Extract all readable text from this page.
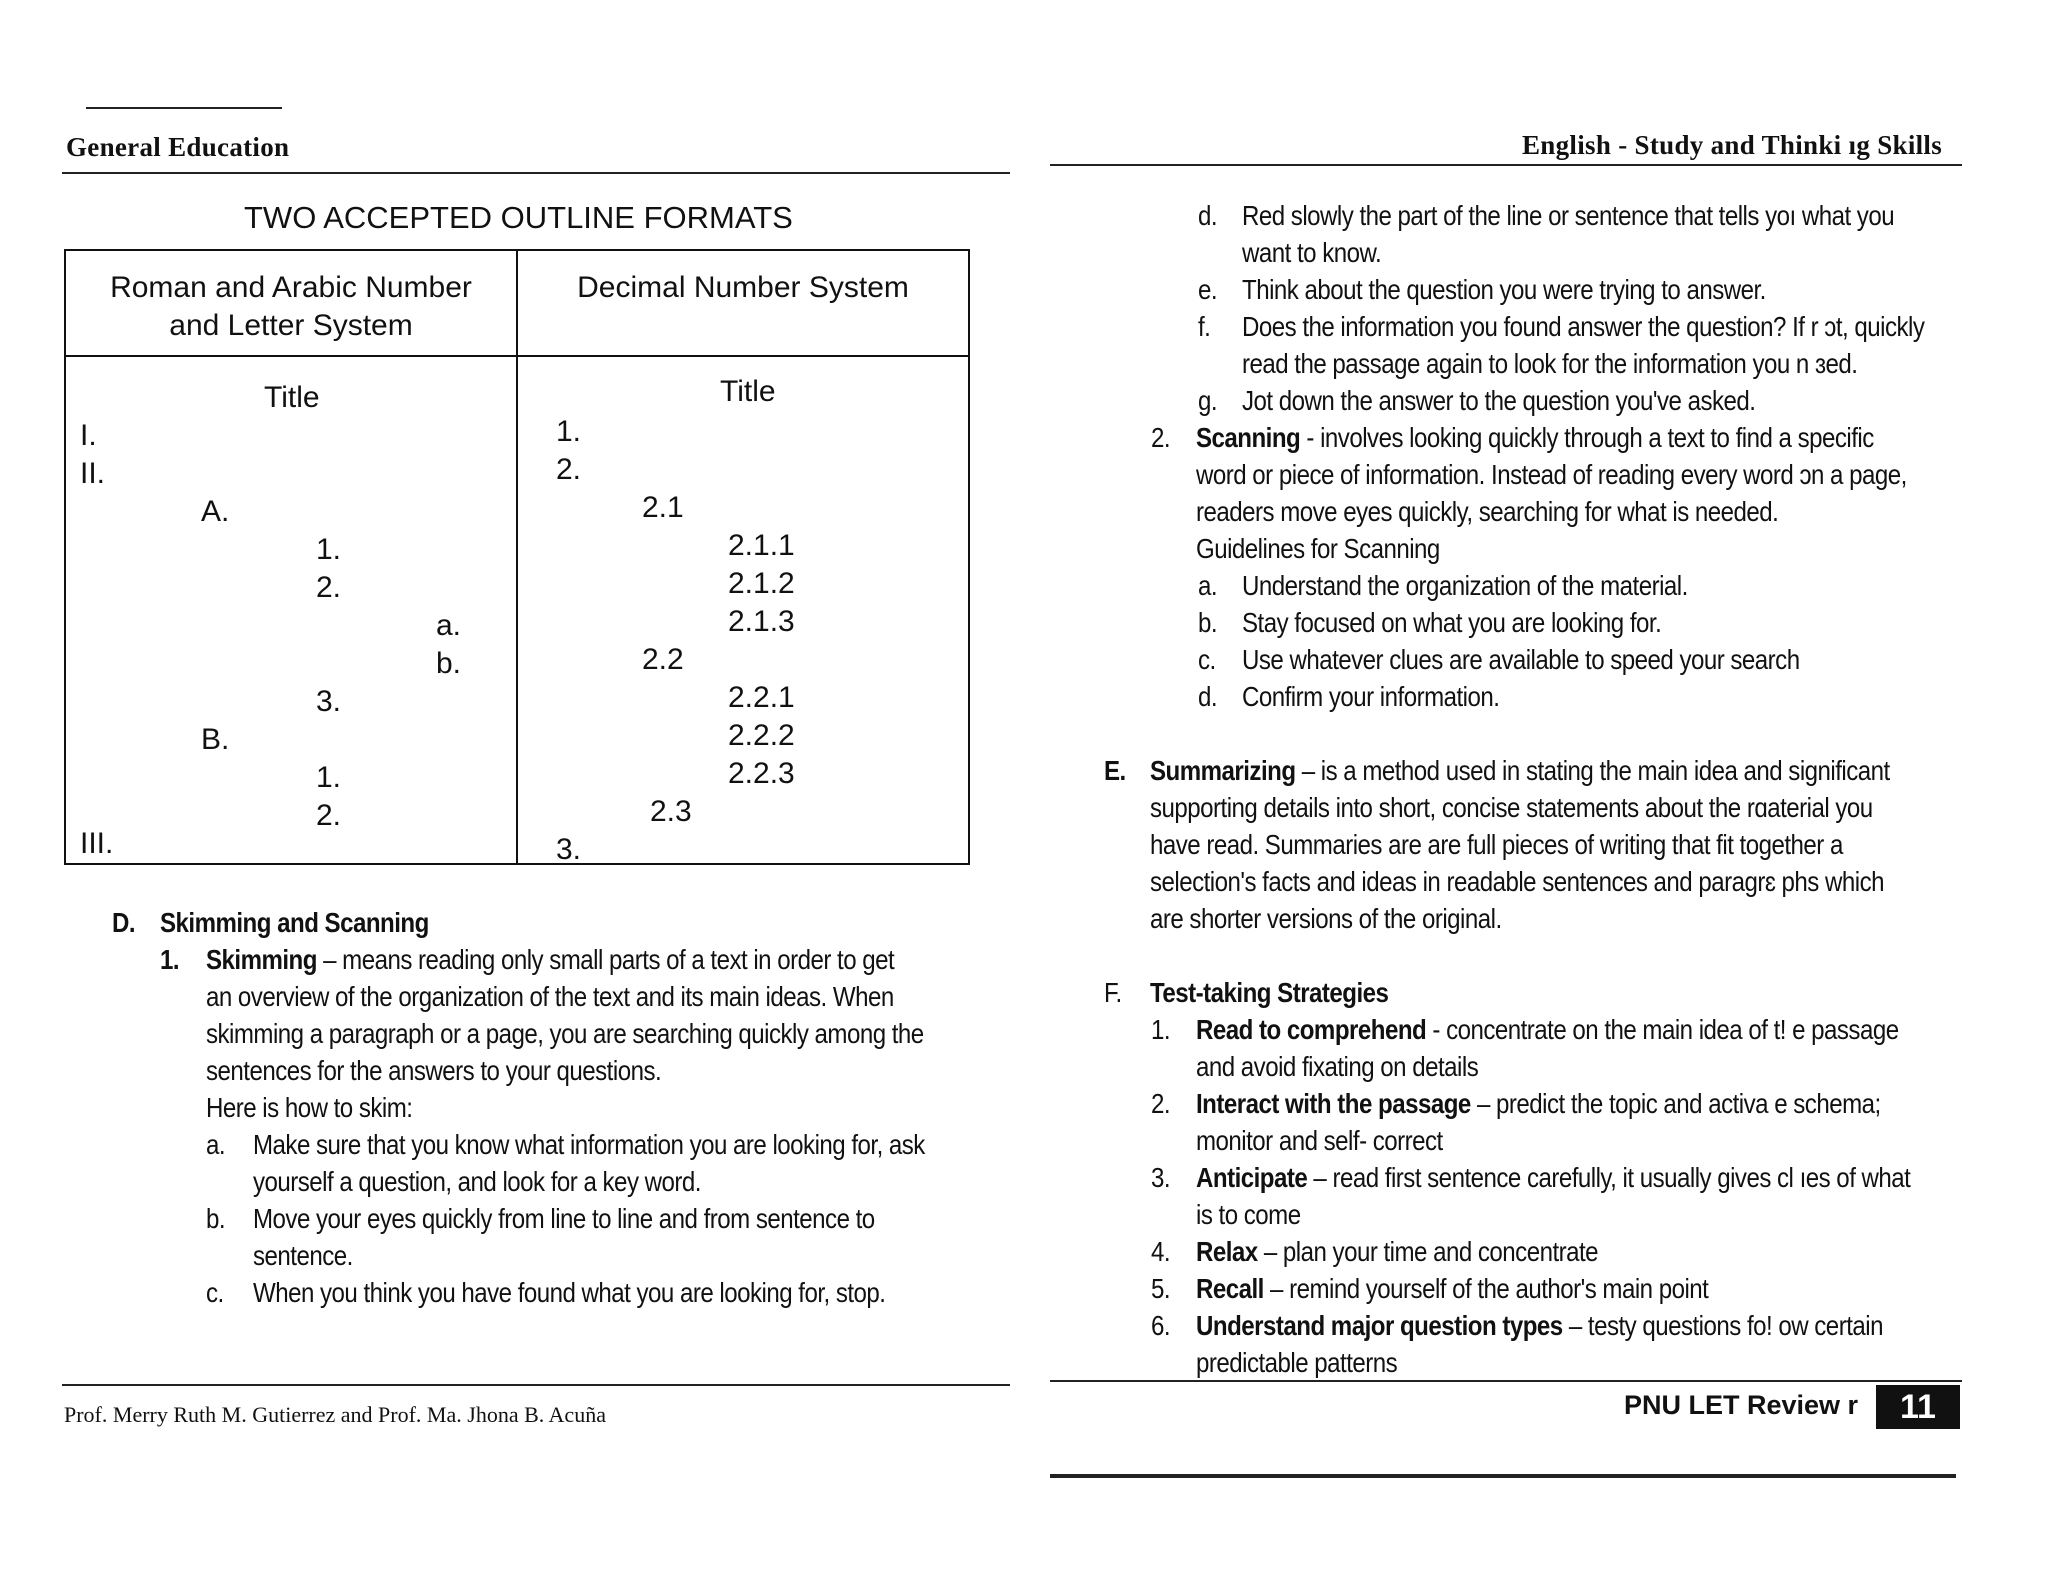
General Education
TWO ACCEPTED OUTLINE FORMATS
Roman and Arabic Number
and Letter System
Decimal Number System
Title	Title
I.
II.
A.
1.
2.
a.
b.
3.
B.
1.
2.
III.
1.
2.
2.1
2.1.1
2.1.2
2.1.3
2.2
2.2.1
2.2.2
2.2.3
2.3
3.
D. Skimming and Scanning
1. Skimming – means reading only small parts of a text in order to get
an overview of the organization of the text and its main ideas. When
skimming a paragraph or a page, you are searching quickly among the
sentences for the answers to your questions.
Here is how to skim:
a. Make sure that you know what information you are looking for, ask
yourself a question, and look for a key word.
b. Move your eyes quickly from line to line and from sentence to
sentence.
c. When you think you have found what you are looking for, stop.
Prof. Merry Ruth M. Gutierrez and Prof. Ma. Jhona B. Acuña
English - Study and Thinki ıg Skills
d. Red slowly the part of the line or sentence that tells yoı what you
want to know.
e. Think about the question you were trying to answer.
f. Does the information you found answer the question? If r ɔt, quickly
read the passage again to look for the information you n ɜed.
g. Jot down the answer to the question you've asked.
2. Scanning - involves looking quickly through a text to find a specific
word or piece of information. Instead of reading every word ɔn a page,
readers move eyes quickly, searching for what is needed.
Guidelines for Scanning
a. Understand the organization of the material.
b. Stay focused on what you are looking for.
c. Use whatever clues are available to speed your search
d. Confirm your information.
E. Summarizing – is a method used in stating the main idea and significant
supporting details into short, concise statements about the rɑaterial you
have read. Summaries are are full pieces of writing that fit together a
selection's facts and ideas in readable sentences and paragrɛ phs which
are shorter versions of the original.
F. Test-taking Strategies
1. Read to comprehend - concentrate on the main idea of t! e passage
and avoid fixating on details
2. Interact with the passage – predict the topic and activa e schema;
monitor and self- correct
3. Anticipate – read first sentence carefully, it usually gives cl ıes of what
is to come
4. Relax – plan your time and concentrate
5. Recall – remind yourself of the author's main point
6. Understand major question types – testy questions fo! ow certain
predictable patterns
PNU LET Review r	11
